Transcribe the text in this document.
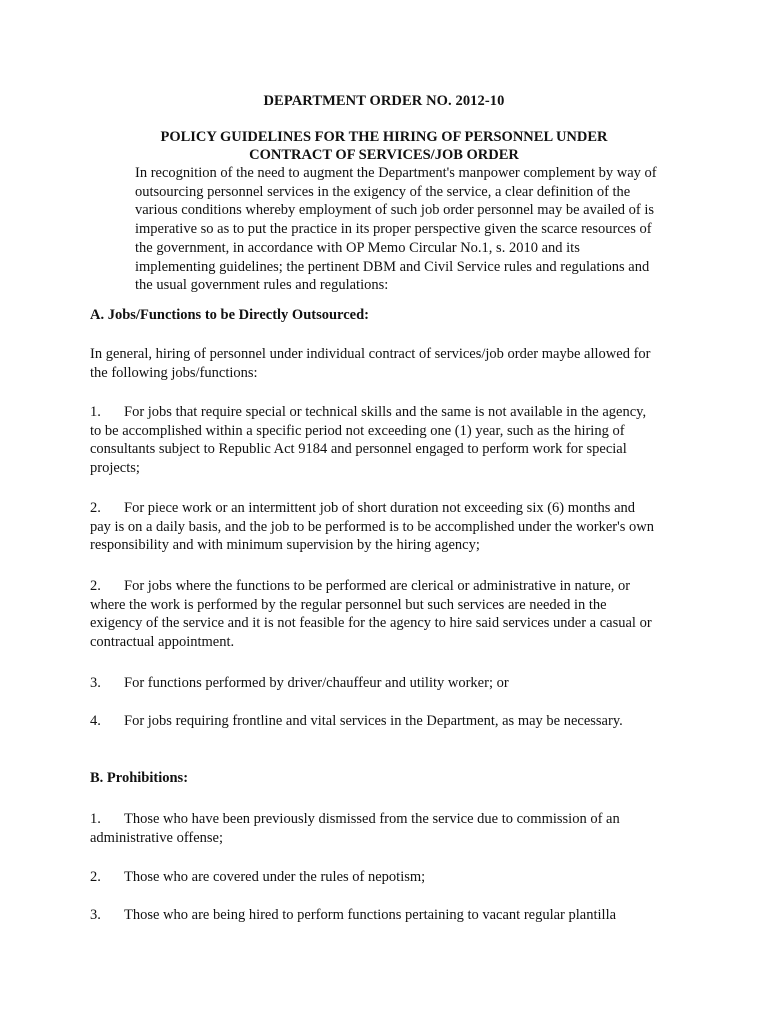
DEPARTMENT ORDER NO. 2012-10
POLICY GUIDELINES FOR THE HIRING OF PERSONNEL UNDER
CONTRACT OF SERVICES/JOB ORDER
In recognition of the need to augment the Department's manpower complement by way of
outsourcing personnel services in the exigency of the service, a clear definition of the
various conditions whereby employment of such job order personnel may be availed of is
imperative so as to put the practice in its proper perspective given the scarce resources of
the government, in accordance with OP Memo Circular No.1, s. 2010 and its
implementing guidelines; the pertinent DBM and Civil Service rules and regulations and
the usual government rules and regulations:
A. Jobs/Functions to be Directly Outsourced:
In general, hiring of personnel under individual contract of services/job order maybe allowed for
the following jobs/functions:
1. For jobs that require special or technical skills and the same is not available in the agency,
to be accomplished within a specific period not exceeding one (1) year, such as the hiring of
consultants subject to Republic Act 9184 and personnel engaged to perform work for special
projects;
2. For piece work or an intermittent job of short duration not exceeding six (6) months and
pay is on a daily basis, and the job to be performed is to be accomplished under the worker's own
responsibility and with minimum supervision by the hiring agency;
2. For jobs where the functions to be performed are clerical or administrative in nature, or
where the work is performed by the regular personnel but such services are needed in the
exigency of the service and it is not feasible for the agency to hire said services under a casual or
contractual appointment.
3. For functions performed by driver/chauffeur and utility worker; or
4. For jobs requiring frontline and vital services in the Department, as may be necessary.
B. Prohibitions:
1. Those who have been previously dismissed from the service due to commission of an
administrative offense;
2. Those who are covered under the rules of nepotism;
3. Those who are being hired to perform functions pertaining to vacant regular plantilla
